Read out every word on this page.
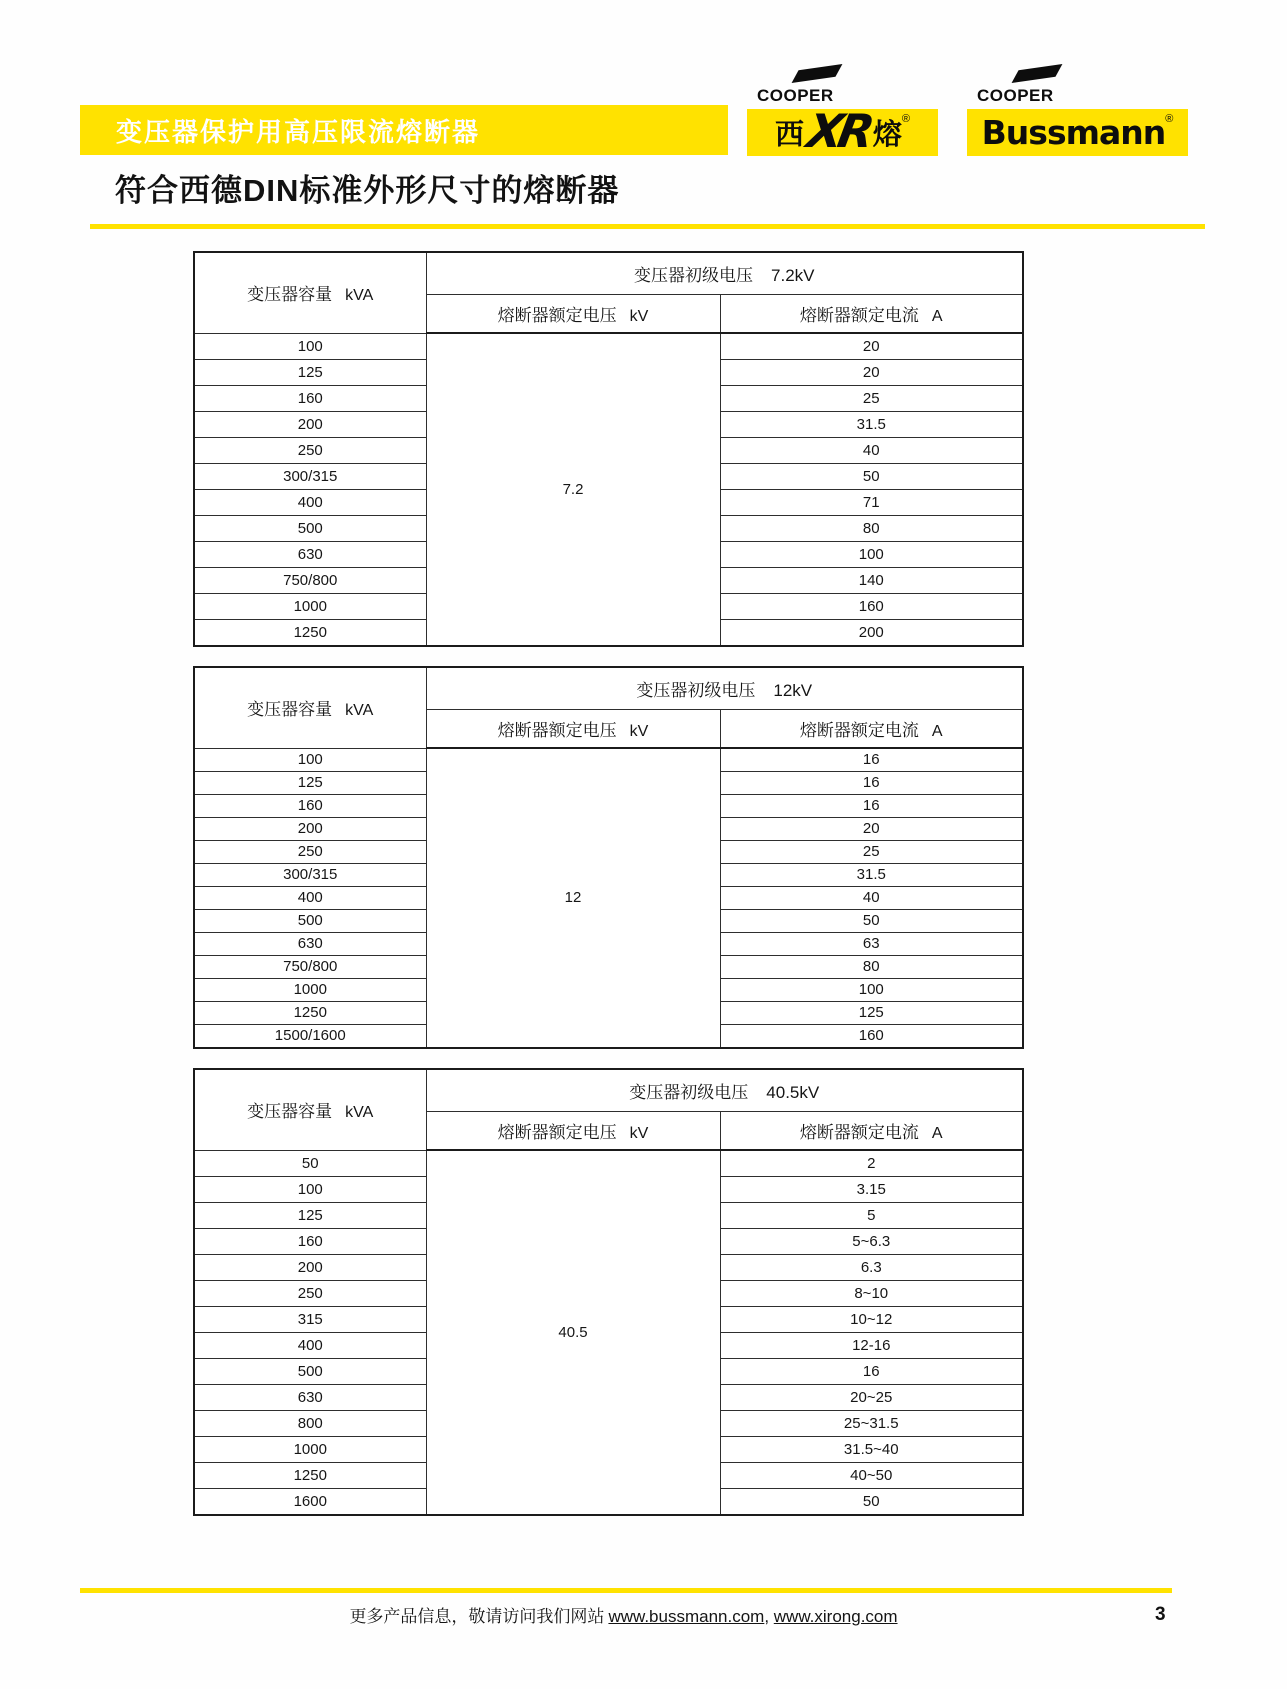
变压器保护用高压限流熔断器
COOPER
西 XR 熔 ®
COOPER
Bussmann ®
符合西德DIN标准外形尺寸的熔断器
变压器容量 kVA	变压器初级电压 7.2kV	
	熔断器额定电压 kV	熔断器额定电流 A
100	7.2	20
125		20
160		25
200		31.5
250		40
300/315		50
400		71
500		80
630		100
750/800		140
1000		160
1250		200
变压器容量 kVA	变压器初级电压 12kV	
	熔断器额定电压 kV	熔断器额定电流 A
100	12	16
125		16
160		16
200		20
250		25
300/315		31.5
400		40
500		50
630		63
750/800		80
1000		100
1250		125
1500/1600		160
变压器容量 kVA	变压器初级电压 40.5kV	
	熔断器额定电压 kV	熔断器额定电流 A
50	40.5	2
100		3.15
125		5
160		5~6.3
200		6.3
250		8~10
315		10~12
400		12-16
500		16
630		20~25
800		25~31.5
1000		31.5~40
1250		40~50
1600		50
更多产品信息，敬请访问我们网站 www.bussmann.com, www.xirong.com	3
